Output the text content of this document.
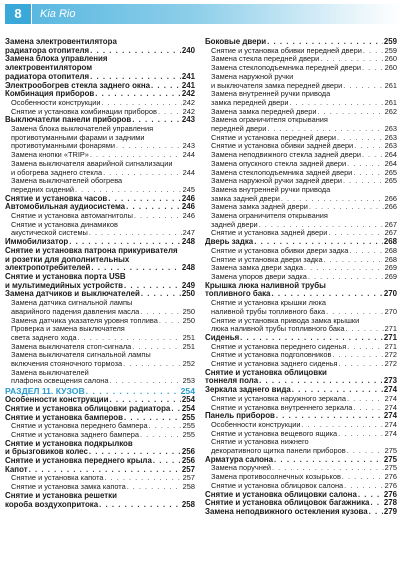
8	Kia Rio
Замена электровентилятора
радиатора отопителя . . .	240
Замена блока управления
электровентилятором
радиатора отопителя . . .	241
Электрообогрев стекла заднего окна . . .	241
Комбинация приборов . . .	242
Особенности конструкции . . .	242
Снятие и установка комбинации приборов . . .	242
Выключатели панели приборов . . .	243
Замена блока выключателей управления
противотуманными фарами и задними
противотуманными фонарями . . .	243
Замена кнопки «TRIP» . . .	244
Замена выключателя аварийной сигнализации
и обогрева заднего стекла . . .	244
Замена выключателей обогрева
передних сидений . . .	245
Снятие и установка часов . . .	246
Автомобильная аудиосистема . . .	246
Снятие и установка автомагнитолы . . .	246
Снятие и установка динамиков
акустической системы . . .	247
Иммобилизатор . . .	248
Снятие и установка патрона прикуривателя
и розетки для дополнительных
электропотребителей . . .	248
Снятие и установка порта USB
и мультимедийных устройств . . .	249
Замена датчиков и выключателей . . .	250
Замена датчика сигнальной лампы
аварийного падения давления масла . . .	250
Замена датчика указателя уровня топлива . . .	250
Проверка и замена выключателя
света заднего хода . . .	251
Замена выключателя стоп-сигнала . . .	251
Замена выключателя сигнальной лампы
включения стояночного тормоза . . .	252
Замена выключателей
плафона освещения салона . . .	253
РАЗДЕЛ 11. КУЗОВ . . .	254
Особенности конструкции . . .	254
Снятие и установка облицовки радиатора . . . 254
Снятие и установка бамперов . . .	255
Снятие и установка переднего бампера . . .	255
Снятие и установка заднего бампера . . .	255
Снятие и установка подкрылков
и брызговиков колес . . .	256
Снятие и установка переднего крыла . . .	256
Капот . . .	257
Снятие и установка капота . . .	257
Снятие и установка замка капота . . .	258
Снятие и установка решетки
короба воздухопритока . . .	258
Боковые двери . . .	259
Снятие и установка обивки передней двери . . .	259
Замена стекла передней двери . . .	260
Замена стеклоподъемника передней двери . . .	260
Замена наружной ручки
и выключателя замка передней двери . . .	261
Замена внутренней ручки привода
замка передней двери . . .	261
Замена замка передней двери . . .	262
Замена ограничителя открывания
передней двери . . .	263
Снятие и установка передней двери . . .	263
Снятие и установка обивки задней двери . . .	263
Замена неподвижного стекла задней двери . . .	264
Замена опускного стекла задней двери . . .	264
Замена стеклоподъемника задней двери . . .	265
Замена наружной ручки задней двери . . .	265
Замена внутренней ручки привода
замка задней двери . . .	266
Замена замка задней двери . . .	266
Замена ограничителя открывания
задней двери . . .	267
Снятие и установка задней двери . . .	267
Дверь задка . . .	268
Снятие и установка обивки двери задка . . .	268
Снятие и установка двери задка . . .	268
Замена замка двери задка . . .	269
Замена упоров двери задка . . .	269
Крышка люка наливной трубы
топливного бака . . .	270
Снятие и установка крышки люка
наливной трубы топливного бака . . .	270
Снятие и установка привода замка крышки
люка наливной трубы топливного бака . . .	271
Сиденья . . .	271
Снятие и установка переднего сиденья . . .	271
Снятие и установка подголовников . . .	272
Снятие и установка заднего сиденья . . .	272
Снятие и установка облицовки
тоннеля пола . . .	273
Зеркала заднего вида . . .	274
Снятие и установка наружного зеркала . . .	274
Снятие и установка внутреннего зеркала . . .	274
Панель приборов . . .	274
Особенности конструкции . . .	274
Снятие и установка вещевого ящика . . .	274
Снятие и установка нижнего
декоративного щитка панели приборов . . .	275
Арматура салона . . .	275
Замена поручней . . .	275
Замена противосолнечных козырьков . . .	276
Снятие и установка облицовок салона . . .	276
Снятие и установка облицовки салона . . .	276
Снятие и установка облицовок багажника . . . 278
Замена неподвижного остекления кузова . . . 279
